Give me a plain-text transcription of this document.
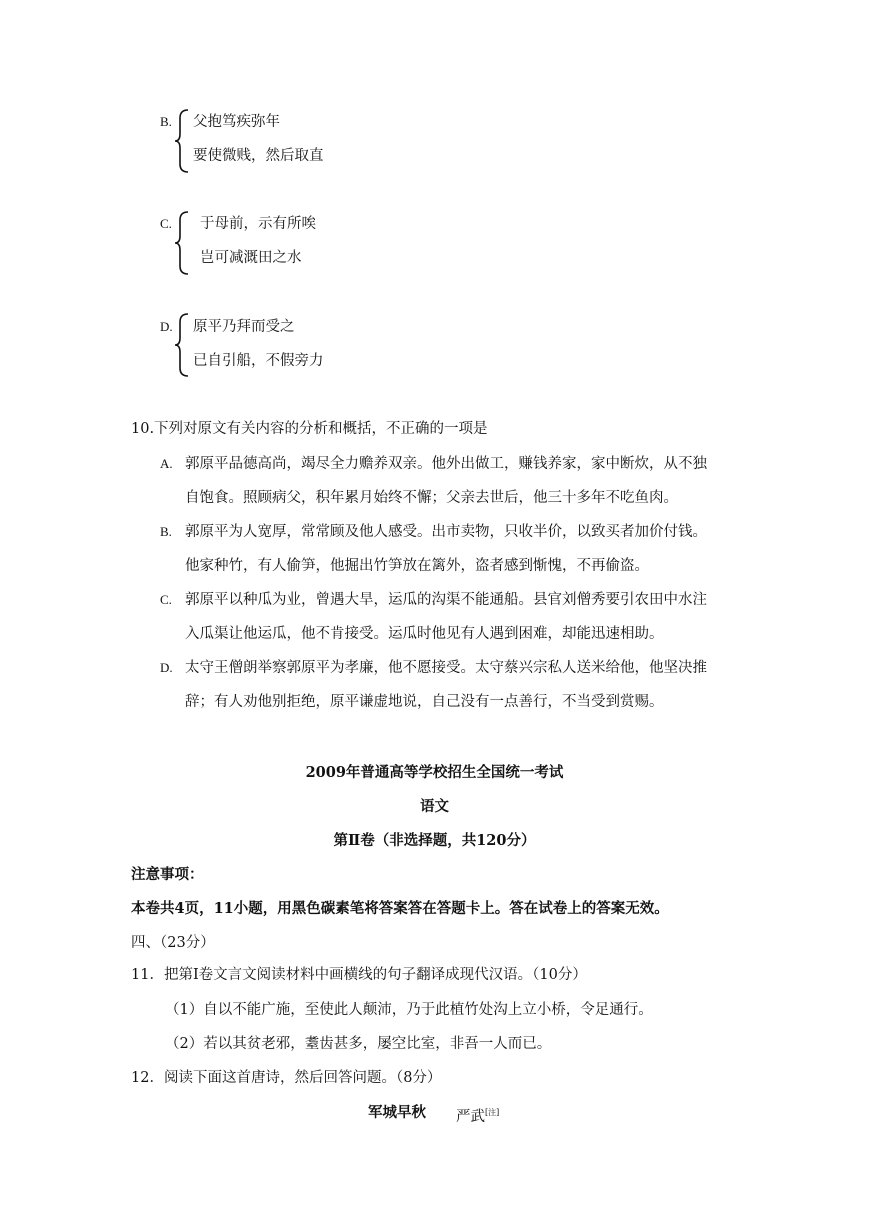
B. 父抱笃疾弥年
要使微贱，然后取直
C. 于母前，示有所唉
岂可减溉田之水
D. 原平乃拜而受之
已自引船，不假旁力
10.下列对原文有关内容的分析和概括，不正确的一项是
A. 郭原平品德高尚，竭尽全力赡养双亲。他外出做工，赚钱养家，家中断炊，从不独
自饱食。照顾病父，积年累月始终不懈；父亲去世后，他三十多年不吃鱼肉。
B. 郭原平为人宽厚，常常顾及他人感受。出市卖物，只收半价，以致买者加价付钱。
他家种竹，有人偷笋，他掘出竹笋放在篱外，盗者感到惭愧，不再偷盗。
C. 郭原平以种瓜为业，曾遇大旱，运瓜的沟渠不能通船。县官刘僧秀要引农田中水注
入瓜渠让他运瓜，他不肯接受。运瓜时他见有人遇到困难，却能迅速相助。
D. 太守王僧朗举察郭原平为孝廉，他不愿接受。太守蔡兴宗私人送米给他，他坚决推
辞；有人劝他别拒绝，原平谦虚地说，自己没有一点善行，不当受到赏赐。
2009年普通高等学校招生全国统一考试
语文
第Ⅱ卷（非选择题，共120分）
注意事项：
本卷共4页，11小题，用黑色碳素笔将答案答在答题卡上。答在试卷上的答案无效。
四、（23分）
11．把第Ⅰ卷文言文阅读材料中画横线的句子翻译成现代汉语。（10分）
（1）自以不能广施，至使此人颠沛，乃于此植竹处沟上立小桥，令足通行。
（2）若以其贫老邪，耋齿甚多，屡空比室，非吾一人而已。
12．阅读下面这首唐诗，然后回答问题。（8分）
军城早秋 严武[注]
